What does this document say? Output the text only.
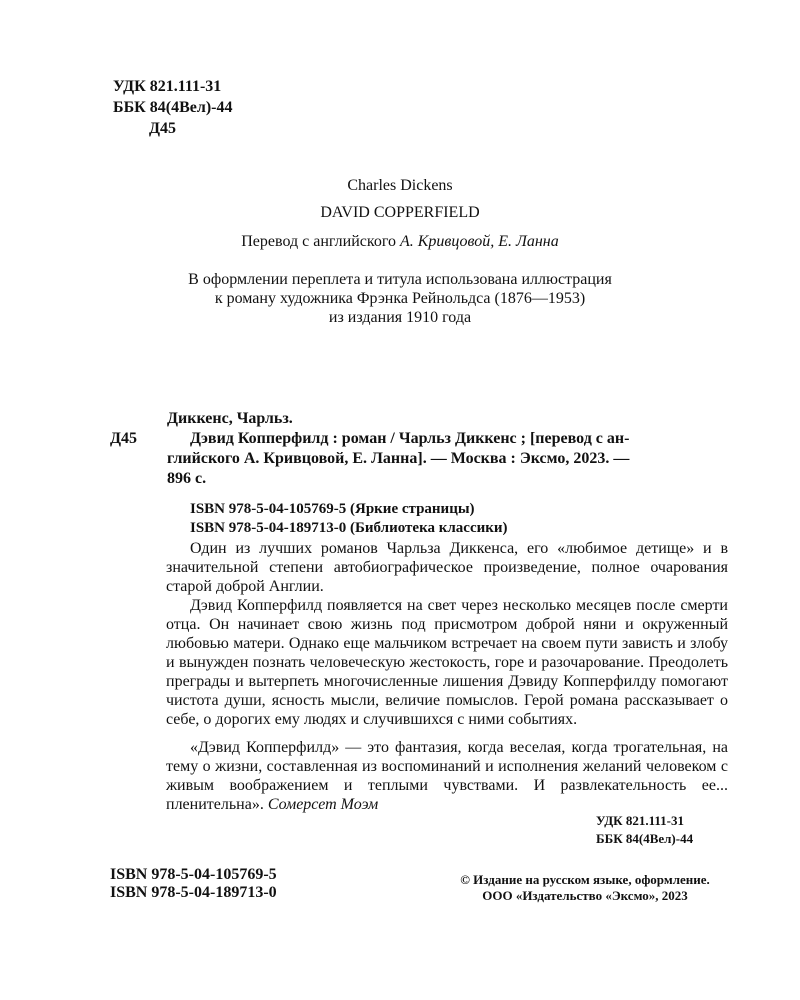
УДК 821.111-31
ББК 84(4Вел)-44
Д45
Charles Dickens
DAVID COPPERFIELD
Перевод с английского А. Кривцовой, Е. Ланна
В оформлении переплета и титула использована иллюстрация
к роману художника Фрэнка Рейнольдса (1876—1953)
из издания 1910 года
Диккенс, Чарльз.
Д45	Дэвид Копперфилд : роман / Чарльз Диккенс ; [перевод с ан-
глийского А. Кривцовой, Е. Ланна]. — Москва : Эксмо, 2023. —
896 с.
ISBN 978-5-04-105769-5 (Яркие страницы)
ISBN 978-5-04-189713-0 (Библиотека классики)

Один из лучших романов Чарльза Диккенса, его «любимое детище» и в значительной степени автобиографическое произведение, полное очарования старой доброй Англии.

Дэвид Копперфилд появляется на свет через несколько месяцев после смерти отца. Он начинает свою жизнь под присмотром доброй няни и окруженный любовью матери. Однако еще мальчиком встречает на своем пути зависть и злобу и вынужден познать человеческую жестокость, горе и разочарование. Преодолеть преграды и вытерпеть многочисленные лишения Дэвиду Копперфилду помогают чистота души, ясность мысли, величие помыслов. Герой романа рассказывает о себе, о дорогих ему людях и случившихся с ними событиях.

«Дэвид Копперфилд» — это фантазия, когда веселая, когда трогательная, на тему о жизни, составленная из воспоминаний и исполнения желаний человеком с живым воображением и теплыми чувствами. И развлекательность ее... пленительна». Сомерсет Моэм

УДК 821.111-31
ББК 84(4Вел)-44
ISBN 978-5-04-105769-5
ISBN 978-5-04-189713-0
© Издание на русском языке, оформление.
ООО «Издательство «Эксмо», 2023
